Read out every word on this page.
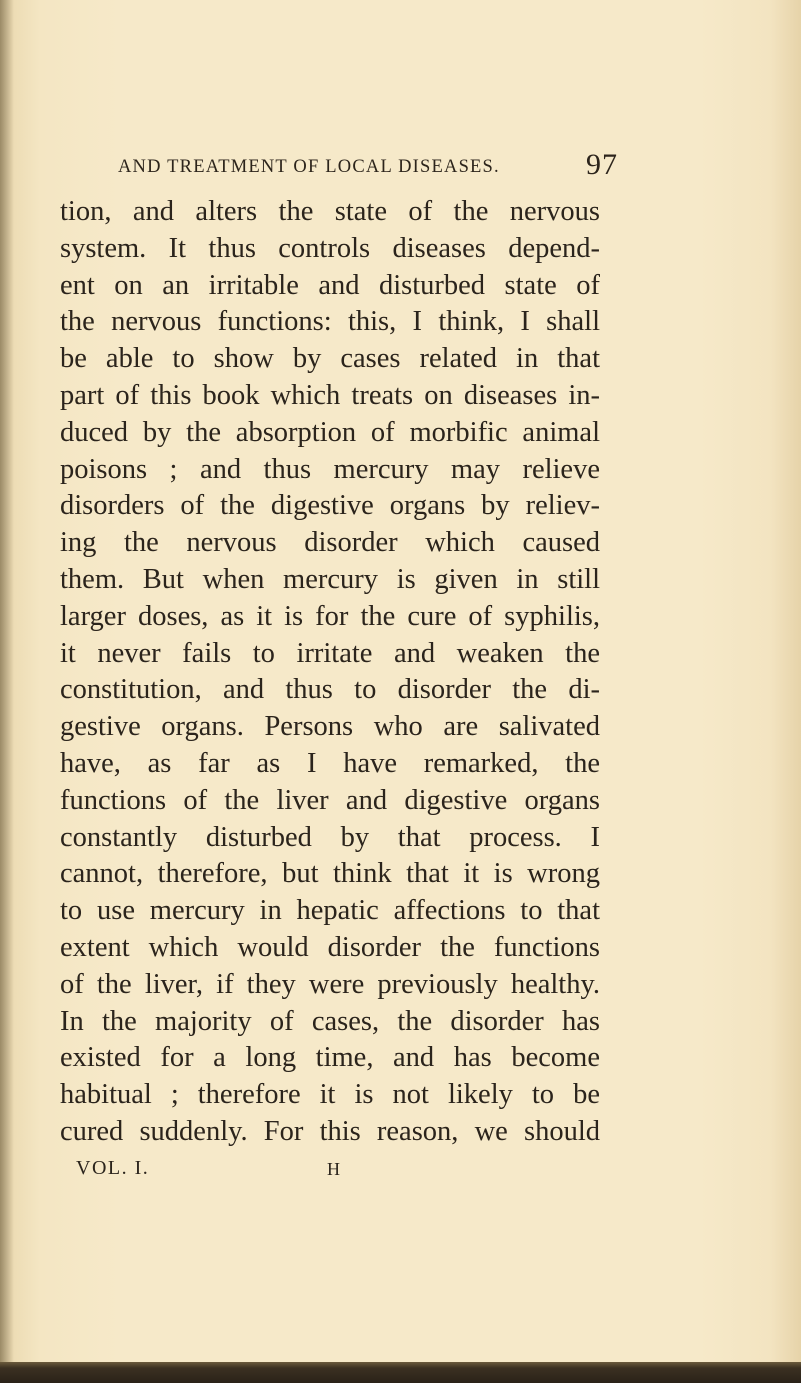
AND TREATMENT OF LOCAL DISEASES.	97
tion, and alters the state of the nervous
system. It thus controls diseases depend-
ent on an irritable and disturbed state of
the nervous functions: this, I think, I shall
be able to show by cases related in that
part of this book which treats on diseases in-
duced by the absorption of morbific animal
poisons ; and thus mercury may relieve
disorders of the digestive organs by reliev-
ing the nervous disorder which caused
them. But when mercury is given in still
larger doses, as it is for the cure of syphilis,
it never fails to irritate and weaken the
constitution, and thus to disorder the di-
gestive organs. Persons who are salivated
have, as far as I have remarked, the
functions of the liver and digestive organs
constantly disturbed by that process. I
cannot, therefore, but think that it is wrong
to use mercury in hepatic affections to that
extent which would disorder the functions
of the liver, if they were previously healthy.
In the majority of cases, the disorder has
existed for a long time, and has become
habitual ; therefore it is not likely to be
cured suddenly. For this reason, we should
VOL. I.	H
